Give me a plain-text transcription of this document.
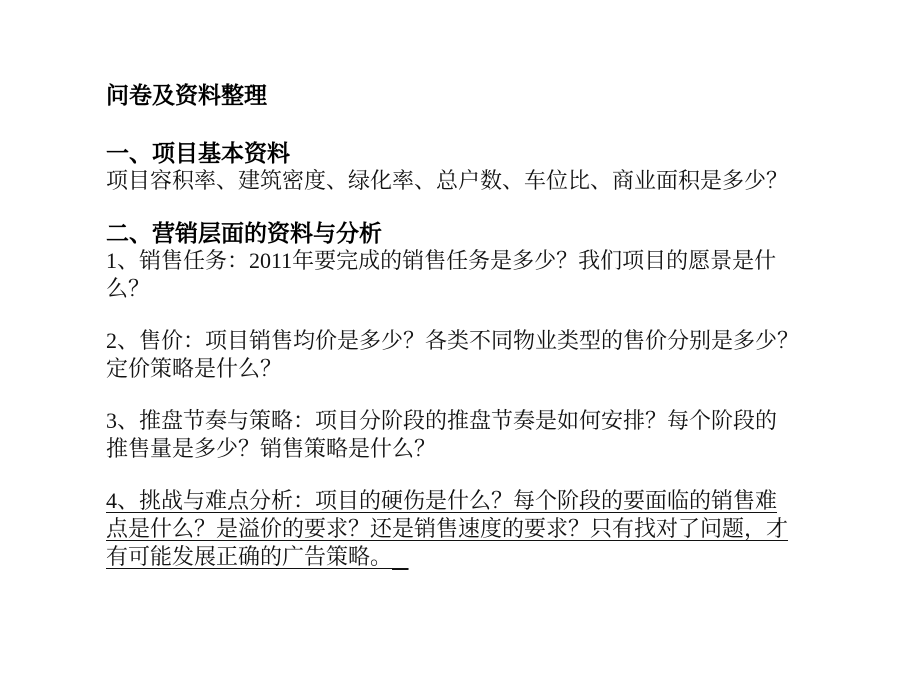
问卷及资料整理
一、项目基本资料
项目容积率、建筑密度、绿化率、总户数、车位比、商业面积是多少？
二、营销层面的资料与分析
1、销售任务：2011年要完成的销售任务是多少？我们项目的愿景是什
么？
2、售价：项目销售均价是多少？各类不同物业类型的售价分别是多少？
定价策略是什么？
3、推盘节奏与策略：项目分阶段的推盘节奏是如何安排？每个阶段的
推售量是多少？销售策略是什么？
4、挑战与难点分析：项目的硬伤是什么？每个阶段的要面临的销售难
点是什么？是溢价的要求？还是销售速度的要求？只有找对了问题，才
有可能发展正确的广告策略。
